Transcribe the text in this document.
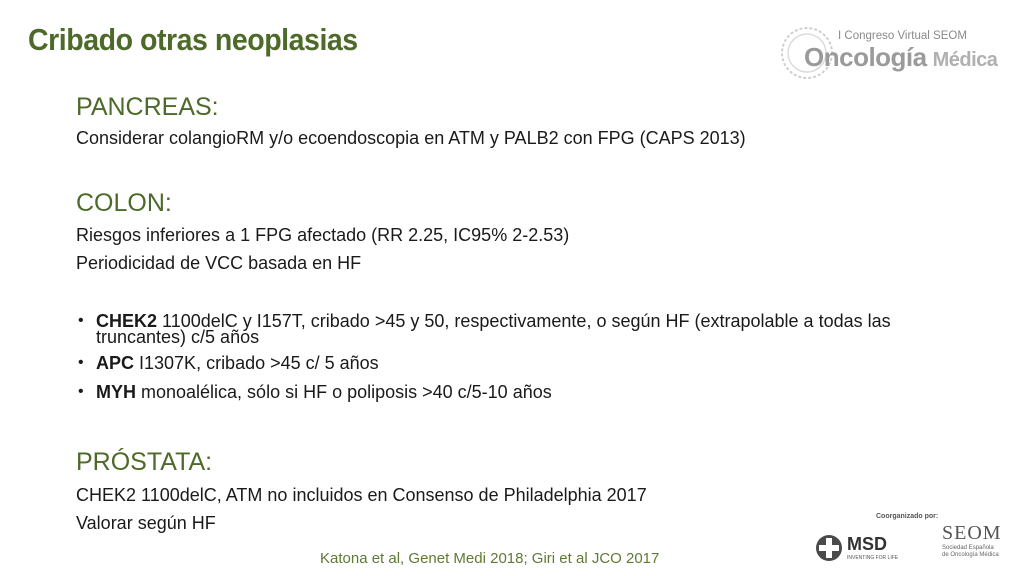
Cribado otras neoplasias	I Congreso Virtual SEOM
Oncología Médica
PANCREAS:
Considerar colangioRM y/o ecoendoscopia en ATM y PALB2 con FPG (CAPS 2013)
COLON:
Riesgos inferiores a 1 FPG afectado (RR 2.25, IC95% 2-2.53)
Periodicidad de VCC basada en HF
• CHEK2 1100delC y I157T, cribado >45 y 50, respectivamente, o según HF (extrapolable a todas las
truncantes) c/5 años
• APC I1307K, cribado >45 c/ 5 años
• MYH monoalélica, sólo si HF o poliposis >40 c/5-10 años
PRÓSTATA:
CHEK2 1100delC, ATM no incluidos en Consenso de Philadelphia 2017
Valorar según HF
Katona et al, Genet Medi 2018; Giri et al JCO 2017
Coorganizado por:
MSD
INVENTING FOR LIFE
SEOM
Sociedad Española
de Oncología Médica
